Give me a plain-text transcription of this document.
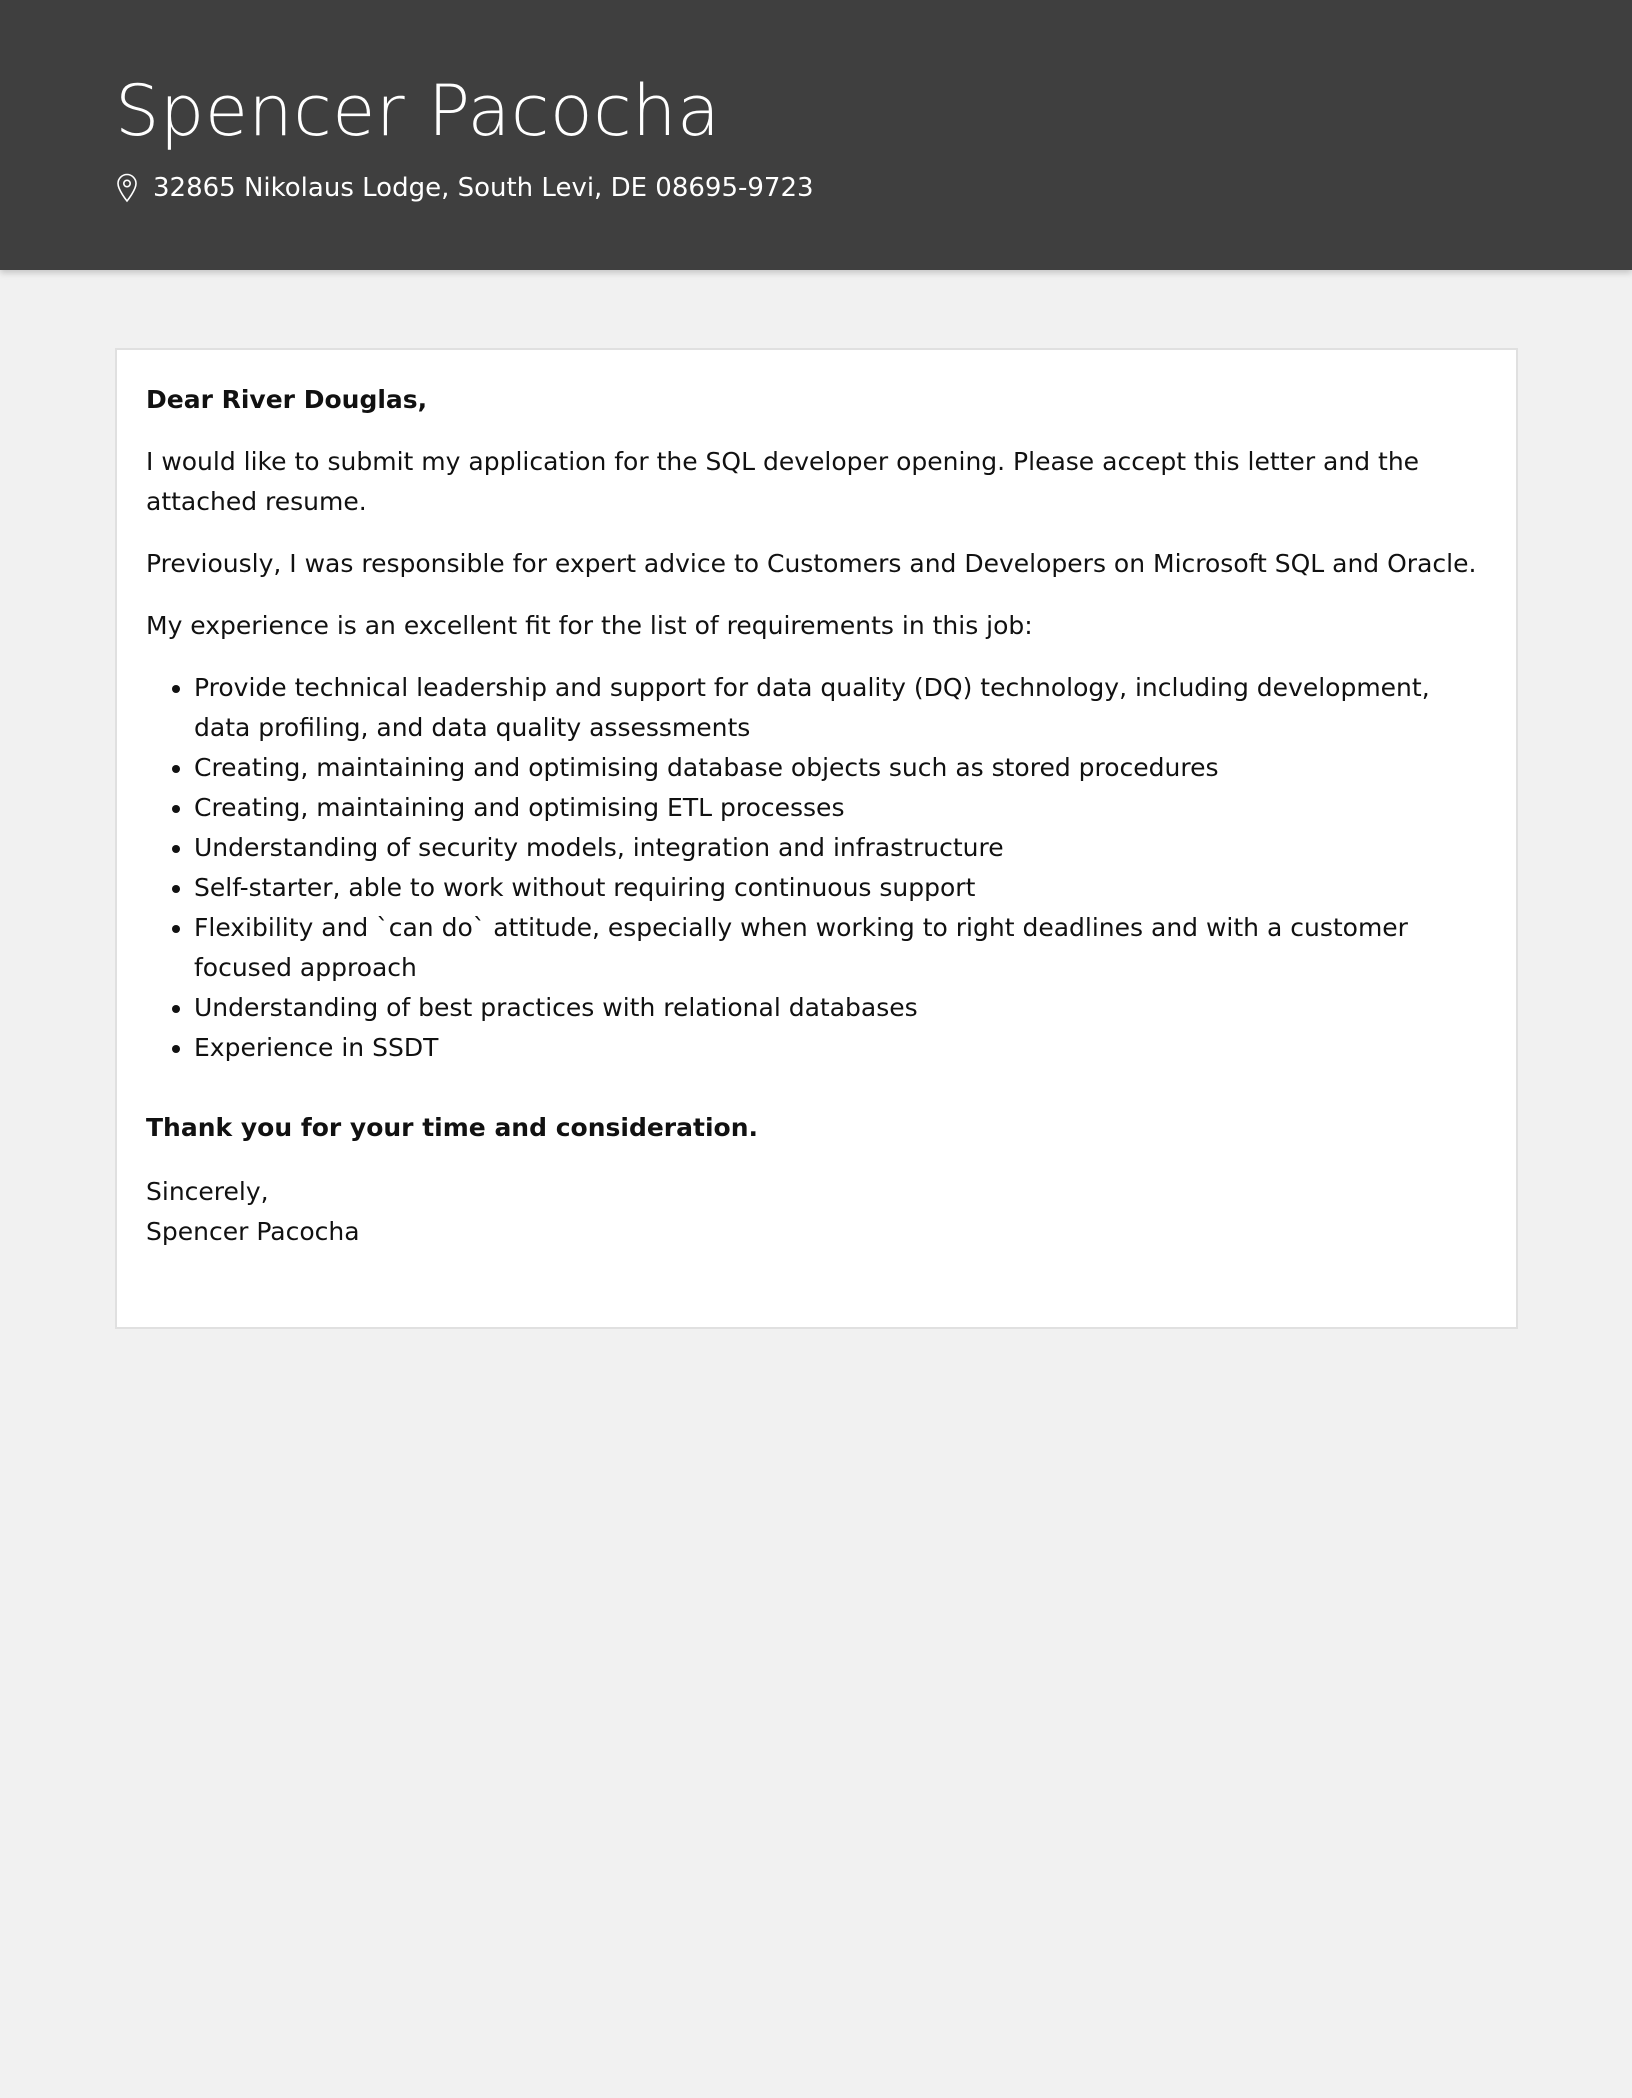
Spencer Pacocha
32865 Nikolaus Lodge, South Levi, DE 08695-9723

Dear River Douglas,

I would like to submit my application for the SQL developer opening. Please accept this letter and the attached resume.

Previously, I was responsible for expert advice to Customers and Developers on Microsoft SQL and Oracle.

My experience is an excellent fit for the list of requirements in this job:

• Provide technical leadership and support for data quality (DQ) technology, including development, data profiling, and data quality assessments
• Creating, maintaining and optimising database objects such as stored procedures
• Creating, maintaining and optimising ETL processes
• Understanding of security models, integration and infrastructure
• Self-starter, able to work without requiring continuous support
• Flexibility and `can do` attitude, especially when working to right deadlines and with a customer focused approach
• Understanding of best practices with relational databases
• Experience in SSDT

Thank you for your time and consideration.

Sincerely,

Spencer Pacocha
